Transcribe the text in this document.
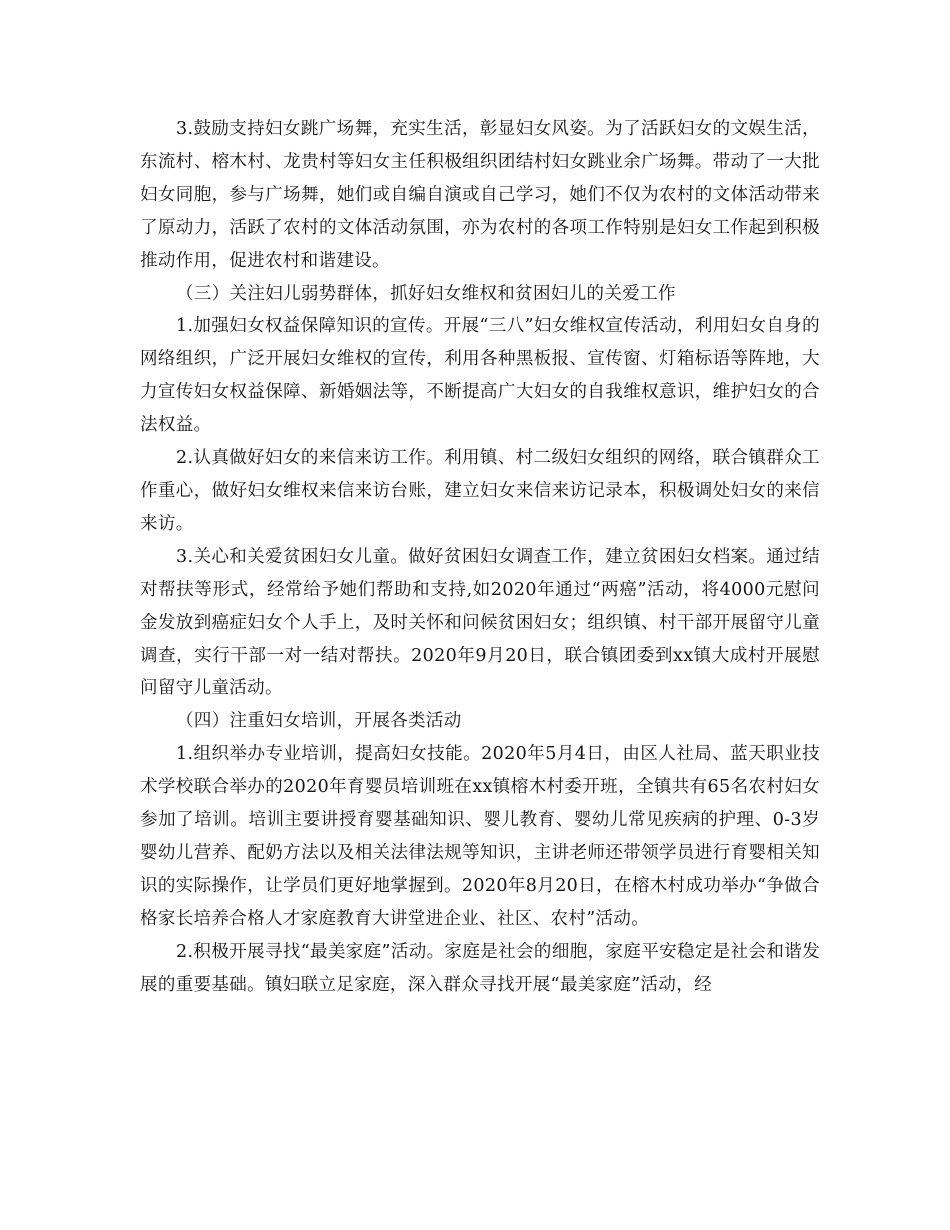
3.鼓励支持妇女跳广场舞，充实生活，彰显妇女风姿。为了活跃妇女的文娱生活，东流村、榕木村、龙贵村等妇女主任积极组织团结村妇女跳业余广场舞。带动了一大批妇女同胞，参与广场舞，她们或自编自演或自己学习，她们不仅为农村的文体活动带来了原动力，活跃了农村的文体活动氛围，亦为农村的各项工作特别是妇女工作起到积极推动作用，促进农村和谐建设。

（三）关注妇儿弱势群体，抓好妇女维权和贫困妇儿的关爱工作

1.加强妇女权益保障知识的宣传。开展“三八”妇女维权宣传活动，利用妇女自身的网络组织，广泛开展妇女维权的宣传，利用各种黑板报、宣传窗、灯箱标语等阵地，大力宣传妇女权益保障、新婚姻法等，不断提高广大妇女的自我维权意识，维护妇女的合法权益。

2.认真做好妇女的来信来访工作。利用镇、村二级妇女组织的网络，联合镇群众工作重心，做好妇女维权来信来访台账，建立妇女来信来访记录本，积极调处妇女的来信来访。

3.关心和关爱贫困妇女儿童。做好贫困妇女调查工作，建立贫困妇女档案。通过结对帮扶等形式，经常给予她们帮助和支持,如2020年通过“两癌”活动，将4000元慰问金发放到癌症妇女个人手上，及时关怀和问候贫困妇女；组织镇、村干部开展留守儿童调查，实行干部一对一结对帮扶。2020年9月20日，联合镇团委到xx镇大成村开展慰问留守儿童活动。

（四）注重妇女培训，开展各类活动

1.组织举办专业培训，提高妇女技能。2020年5月4日，由区人社局、蓝天职业技术学校联合举办的2020年育婴员培训班在xx镇榕木村委开班，全镇共有65名农村妇女参加了培训。培训主要讲授育婴基础知识、婴儿教育、婴幼儿常见疾病的护理、0-3岁婴幼儿营养、配奶方法以及相关法律法规等知识，主讲老师还带领学员进行育婴相关知识的实际操作，让学员们更好地掌握到。2020年8月20日，在榕木村成功举办“争做合格家长培养合格人才家庭教育大讲堂进企业、社区、农村”活动。

2.积极开展寻找“最美家庭”活动。家庭是社会的细胞，家庭平安稳定是社会和谐发展的重要基础。镇妇联立足家庭，深入群众寻找开展“最美家庭”活动，经
